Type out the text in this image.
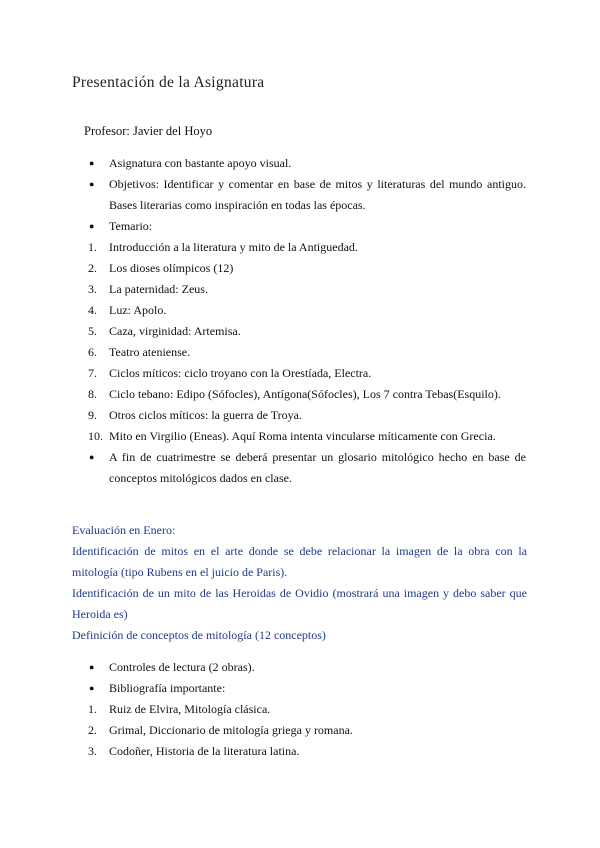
Presentación de la Asignatura
Profesor: Javier del Hoyo
●	Asignatura con bastante apoyo visual.
●	Objetivos: Identificar y comentar en base de mitos y literaturas del mundo antiguo. Bases literarias como inspiración en todas las épocas.
●	Temario:
1.	Introducción a la literatura y mito de la Antiguedad.
2.	Los dioses olímpicos (12)
3.	La paternidad: Zeus.
4.	Luz: Apolo.
5.	Caza, virginidad: Artemisa.
6.	Teatro ateniense.
7.	Ciclos míticos: ciclo troyano con la Orestíada, Electra.
8.	Ciclo tebano: Edipo (Sófocles), Antígona(Sófocles), Los 7 contra Tebas(Esquilo).
9.	Otros ciclos míticos: la guerra de Troya.
10. Mito en Virgilio (Eneas). Aquí Roma intenta vincularse míticamente con Grecia.
●	A fin de cuatrimestre se deberá presentar un glosario mitológico hecho en base de conceptos mitológicos dados en clase.

Evaluación en Enero:

Identificación de mitos en el arte donde se debe relacionar la imagen de la obra con la mitología (tipo Rubens en el juicio de Paris).

Identificación de un mito de las Heroidas de Ovidio (mostrará una imagen y debo saber que Heroida es)

Definición de conceptos de mitología (12 conceptos)

●	Controles de lectura (2 obras).
●	Bibliografía importante:
1.	Ruiz de Elvira, Mitología clásica.
2.	Grimal, Diccionario de mitología griega y romana.
3.	Codoñer, Historia de la literatura latina.
